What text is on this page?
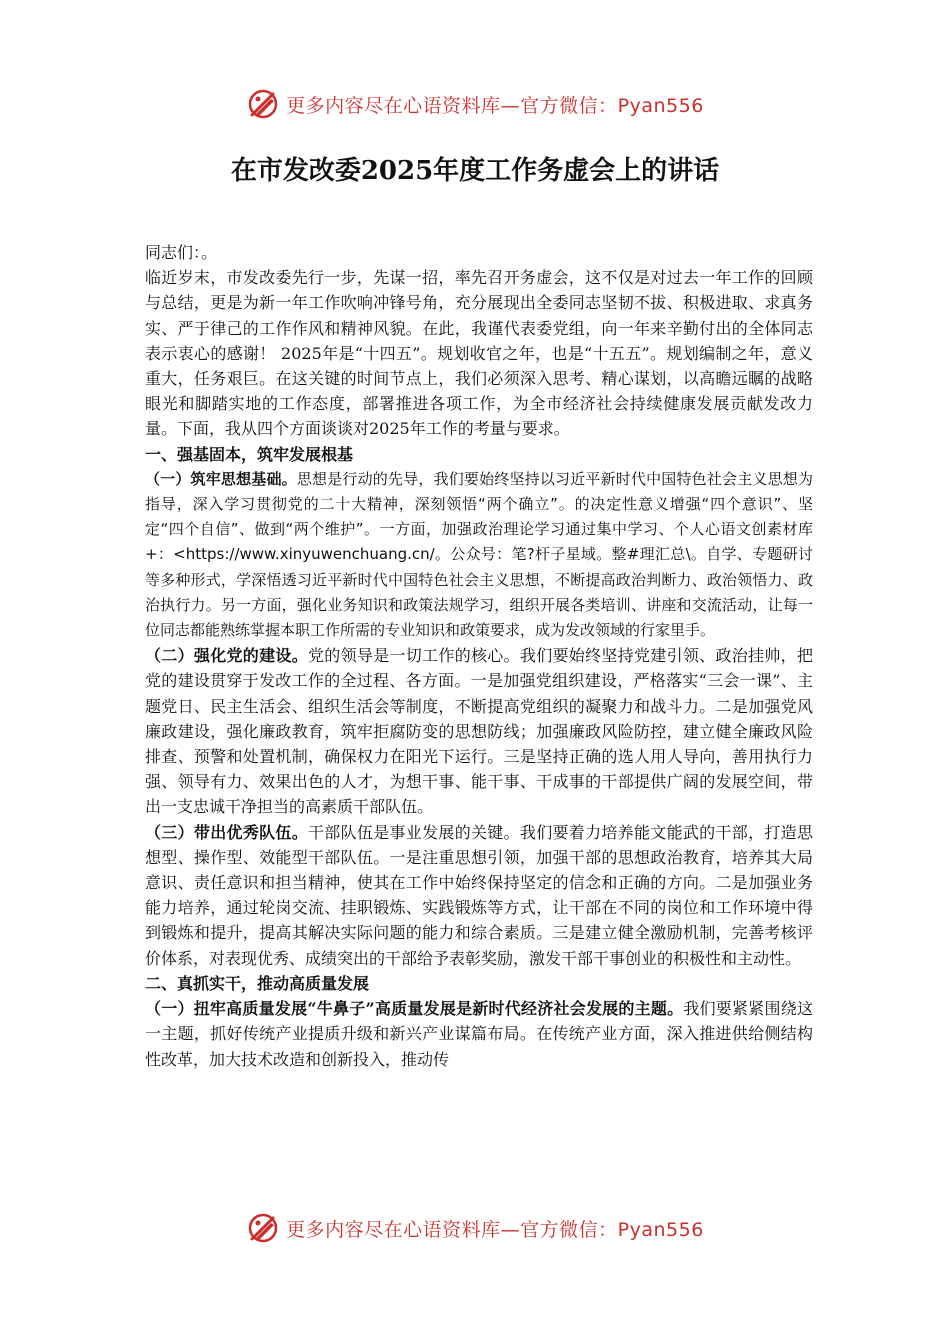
更多内容尽在心语资料库—官方微信：Pyan556
在市发改委2025年度工作务虚会上的讲话

同志们：。

临近岁末，市发改委先行一步，先谋一招，率先召开务虚会，这不仅是对过去一年工作的回顾与总结，更是为新一年工作吹响冲锋号角，充分展现出全委同志坚韧不拔、积极进取、求真务实、严于律己的工作作风和精神风貌。在此，我谨代表委党组，向一年来辛勤付出的全体同志表示衷心的感谢！ 2025年是“十四五”。规划收官之年，也是“十五五”。规划编制之年，意义重大，任务艰巨。在这关键的时间节点上，我们必须深入思考、精心谋划，以高瞻远瞩的战略眼光和脚踏实地的工作态度，部署推进各项工作，为全市经济社会持续健康发展贡献发改力量。下面，我从四个方面谈谈对2025年工作的考量与要求。

一、强基固本，筑牢发展根基

（一）筑牢思想基础。思想是行动的先导，我们要始终坚持以习近平新时代中国特色社会主义思想为指导，深入学习贯彻党的二十大精神，深刻领悟“两个确立”。的决定性意义增强“四个意识”、坚定“四个自信”、做到“两个维护”。一方面，加强政治理论学习通过集中学习、个人心语文创素材库+：<https://www.xinyuwenchuang.cn/。公众号：笔?杆子星域。整#理汇总\。自学、专题研讨等多种形式，学深悟透习近平新时代中国特色社会主义思想，不断提高政治判断力、政治领悟力、政治执行力。另一方面，强化业务知识和政策法规学习，组织开展各类培训、讲座和交流活动，让每一位同志都能熟练掌握本职工作所需的专业知识和政策要求，成为发改领域的行家里手。

（二）强化党的建设。党的领导是一切工作的核心。我们要始终坚持党建引领、政治挂帅，把党的建设贯穿于发改工作的全过程、各方面。一是加强党组织建设，严格落实“三会一课”、主题党日、民主生活会、组织生活会等制度，不断提高党组织的凝聚力和战斗力。二是加强党风廉政建设，强化廉政教育，筑牢拒腐防变的思想防线；加强廉政风险防控，建立健全廉政风险排查、预警和处置机制，确保权力在阳光下运行。三是坚持正确的选人用人导向，善用执行力强、领导有力、效果出色的人才，为想干事、能干事、干成事的干部提供广阔的发展空间，带出一支忠诚干净担当的高素质干部队伍。

（三）带出优秀队伍。干部队伍是事业发展的关键。我们要着力培养能文能武的干部，打造思想型、操作型、效能型干部队伍。一是注重思想引领，加强干部的思想政治教育，培养其大局意识、责任意识和担当精神，使其在工作中始终保持坚定的信念和正确的方向。二是加强业务能力培养，通过轮岗交流、挂职锻炼、实践锻炼等方式，让干部在不同的岗位和工作环境中得到锻炼和提升，提高其解决实际问题的能力和综合素质。三是建立健全激励机制，完善考核评价体系，对表现优秀、成绩突出的干部给予表彰奖励，激发干部干事创业的积极性和主动性。

二、真抓实干，推动高质量发展

（一）扭牢高质量发展“牛鼻子”高质量发展是新时代经济社会发展的主题。我们要紧紧围绕这一主题，抓好传统产业提质升级和新兴产业谋篇布局。在传统产业方面，深入推进供给侧结构性改革，加大技术改造和创新投入，推动传

更多内容尽在心语资料库—官方微信：Pyan556
